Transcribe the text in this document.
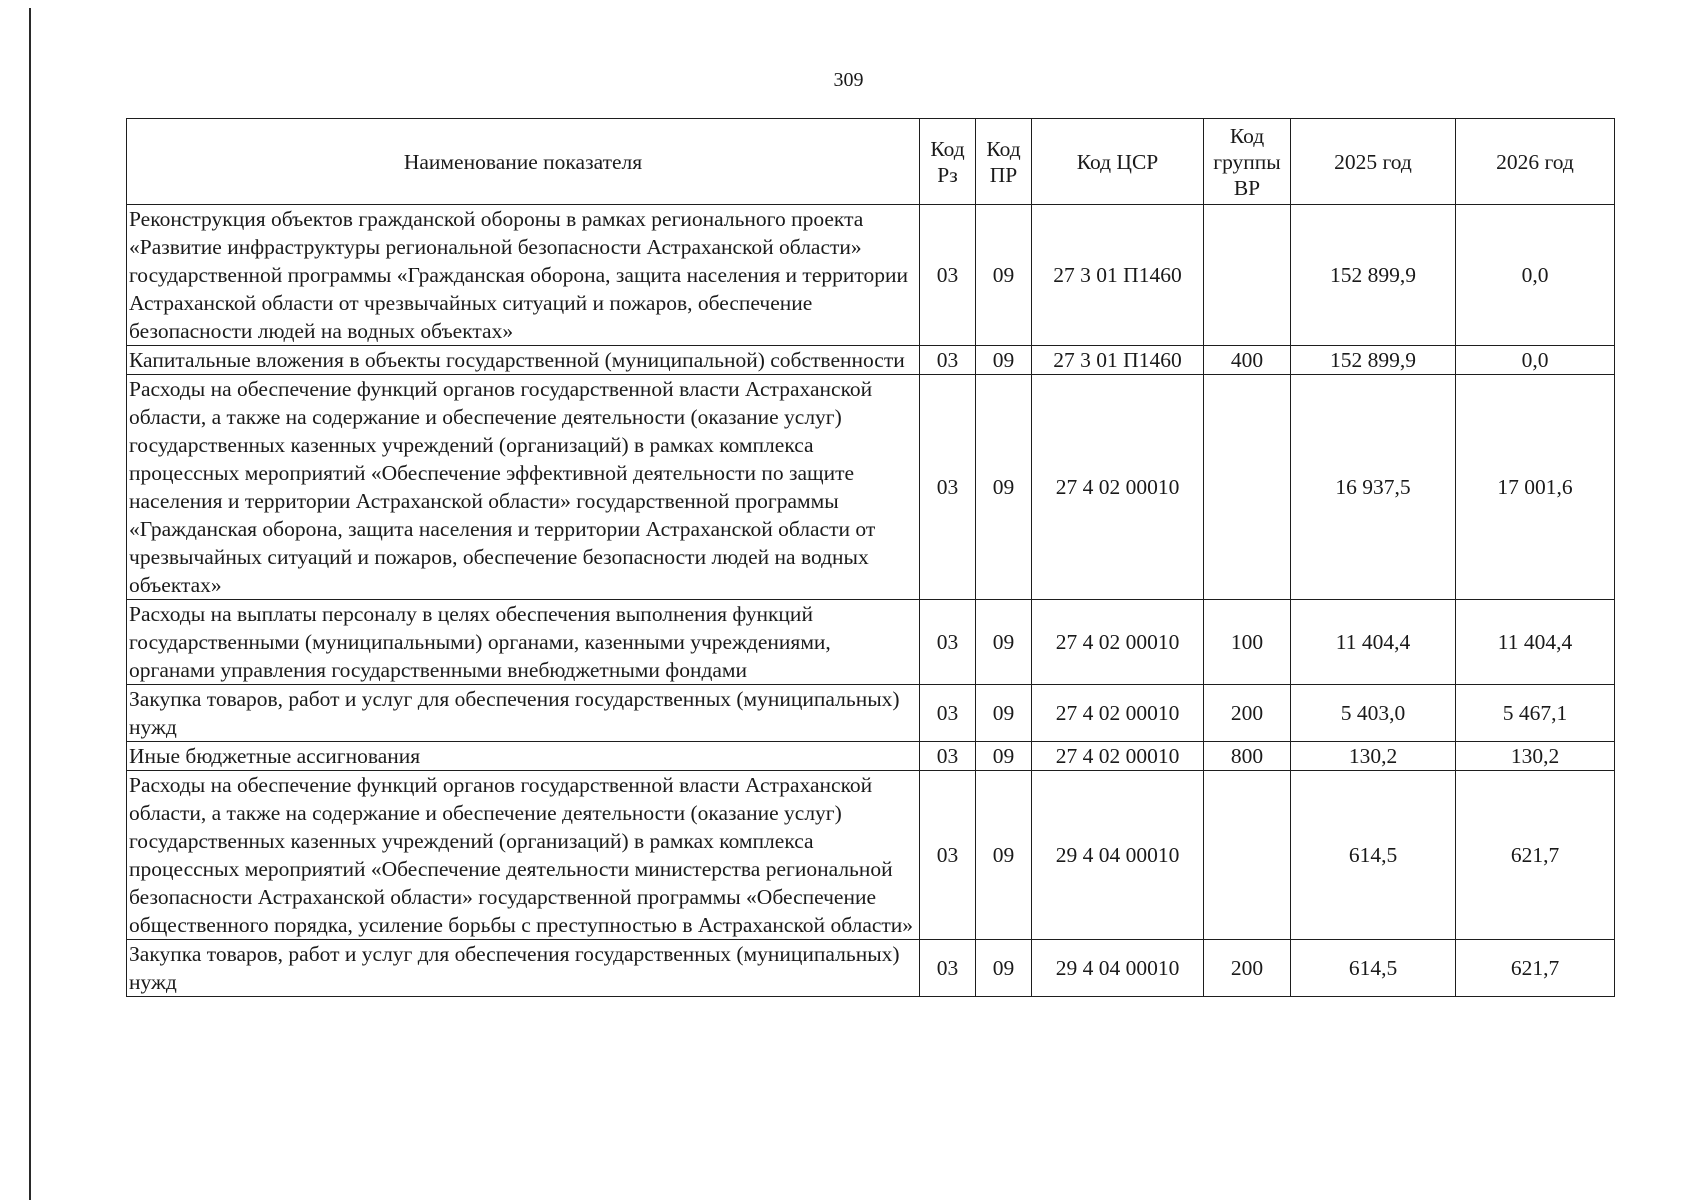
309
Наименование показателя	Код Рз	Код ПР	Код ЦСР	Код группы ВР	2025 год	2026 год
Реконструкция объектов гражданской обороны в рамках регионального проекта «Развитие инфраструктуры региональной безопасности Астраханской области» государственной программы «Гражданская оборона, защита населения и территории Астраханской области от чрезвычайных ситуаций и пожаров, обеспечение безопасности людей на водных объектах»	03	09	27 3 01 П1460		152 899,9	0,0
Капитальные вложения в объекты государственной (муниципальной) собственности	03	09	27 3 01 П1460	400	152 899,9	0,0
Расходы на обеспечение функций органов государственной власти Астраханской области, а также на содержание и обеспечение деятельности (оказание услуг) государственных казенных учреждений (организаций) в рамках комплекса процессных мероприятий «Обеспечение эффективной деятельности по защите населения и территории Астраханской области» государственной программы «Гражданская оборона, защита населения и территории Астраханской области от чрезвычайных ситуаций и пожаров, обеспечение безопасности людей на водных объектах»	03	09	27 4 02 00010		16 937,5	17 001,6
Расходы на выплаты персоналу в целях обеспечения выполнения функций государственными (муниципальными) органами, казенными учреждениями, органами управления государственными внебюджетными фондами	03	09	27 4 02 00010	100	11 404,4	11 404,4
Закупка товаров, работ и услуг для обеспечения государственных (муниципальных) нужд	03	09	27 4 02 00010	200	5 403,0	5 467,1
Иные бюджетные ассигнования	03	09	27 4 02 00010	800	130,2	130,2
Расходы на обеспечение функций органов государственной власти Астраханской области, а также на содержание и обеспечение деятельности (оказание услуг) государственных казенных учреждений (организаций) в рамках комплекса процессных мероприятий «Обеспечение деятельности министерства региональной безопасности Астраханской области» государственной программы «Обеспечение общественного порядка, усиление борьбы с преступностью в Астраханской области»	03	09	29 4 04 00010		614,5	621,7
Закупка товаров, работ и услуг для обеспечения государственных (муниципальных) нужд	03	09	29 4 04 00010	200	614,5	621,7
